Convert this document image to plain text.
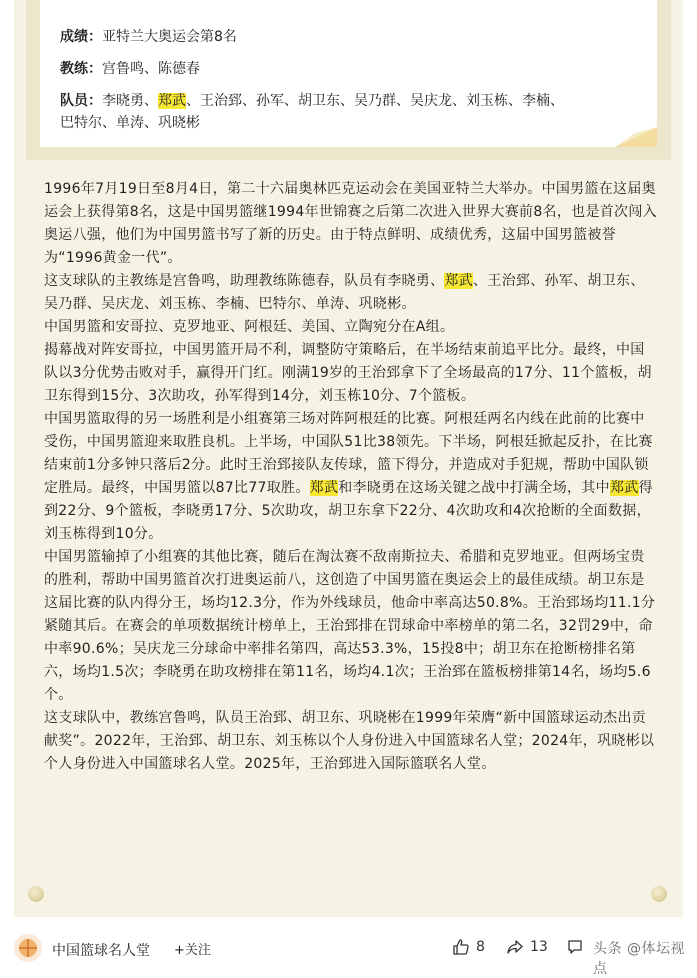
成绩：亚特兰大奥运会第8名
教练：宫鲁鸣、陈德春
队员：李晓勇、郑武、王治郅、孙军、胡卫东、吴乃群、吴庆龙、刘玉栋、李楠、
巴特尔、单涛、巩晓彬

1996年7月19日至8月4日，第二十六届奥林匹克运动会在美国亚特兰大举办。中国男篮在这届奥运会上获得第8名，这是中国男篮继1994年世锦赛之后第二次进入世界大赛前8名，也是首次闯入奥运八强，他们为中国男篮书写了新的历史。由于特点鲜明、成绩优秀，这届中国男篮被誉为“1996黄金一代”。

这支球队的主教练是宫鲁鸣，助理教练陈德春，队员有李晓勇、郑武、王治郅、孙军、胡卫东、吴乃群、吴庆龙、刘玉栋、李楠、巴特尔、单涛、巩晓彬。

中国男篮和安哥拉、克罗地亚、阿根廷、美国、立陶宛分在A组。

揭幕战对阵安哥拉，中国男篮开局不利，调整防守策略后，在半场结束前追平比分。最终，中国队以3分优势击败对手，赢得开门红。刚满19岁的王治郅拿下了全场最高的17分、11个篮板，胡卫东得到15分、3次助攻，孙军得到14分，刘玉栋10分、7个篮板。

中国男篮取得的另一场胜利是小组赛第三场对阵阿根廷的比赛。阿根廷两名内线在此前的比赛中受伤，中国男篮迎来取胜良机。上半场，中国队51比38领先。下半场，阿根廷掀起反扑，在比赛结束前1分多钟只落后2分。此时王治郅接队友传球，篮下得分，并造成对手犯规，帮助中国队锁定胜局。最终，中国男篮以87比77取胜。郑武和李晓勇在这场关键之战中打满全场，其中郑武得到22分、9个篮板，李晓勇17分、5次助攻，胡卫东拿下22分、4次助攻和4次抢断的全面数据，刘玉栋得到10分。

中国男篮输掉了小组赛的其他比赛，随后在淘汰赛不敌南斯拉夫、希腊和克罗地亚。但两场宝贵的胜利，帮助中国男篮首次打进奥运前八，这创造了中国男篮在奥运会上的最佳成绩。胡卫东是这届比赛的队内得分王，场均12.3分，作为外线球员，他命中率高达50.8%。王治郅场均11.1分紧随其后。在赛会的单项数据统计榜单上，王治郅排在罚球命中率榜单的第二名，32罚29中，命中率90.6%；吴庆龙三分球命中率排名第四，高达53.3%，15投8中；胡卫东在抢断榜排名第六，场均1.5次；李晓勇在助攻榜排在第11名，场均4.1次；王治郅在篮板榜排第14名，场均5.6个。

这支球队中，教练宫鲁鸣，队员王治郅、胡卫东、巩晓彬在1999年荣膺“新中国篮球运动杰出贡献奖”。2022年，王治郅、胡卫东、刘玉栋以个人身份进入中国篮球名人堂；2024年，巩晓彬以个人身份进入中国篮球名人堂。2025年，王治郅进入国际篮联名人堂。

中国篮球名人堂	+关注	8	13	头条 @体坛视点
